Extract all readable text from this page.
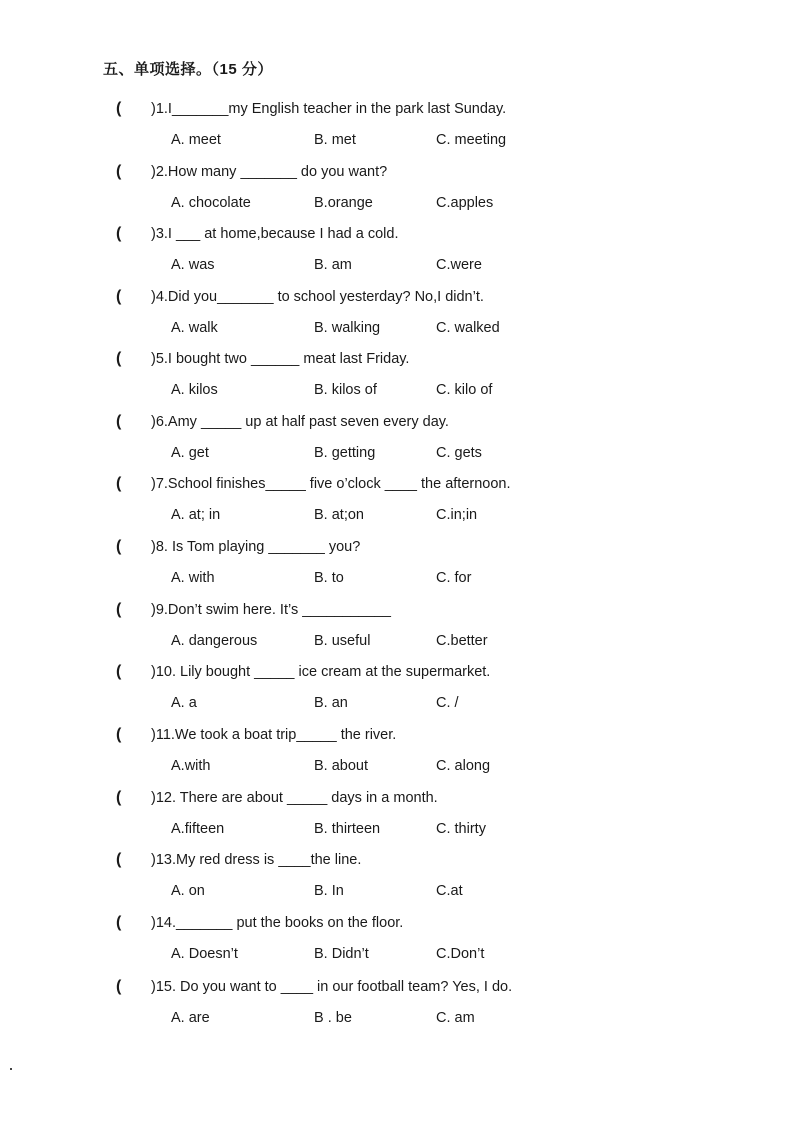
五、单项选择。（15 分）
( )1.I_______my English teacher in the park last Sunday.
A. meet	B. met	C. meeting
( )2.How many _______ do you want?
A. chocolate	B.orange	C.apples
( )3.I ___ at home,because I had a cold.
A. was	B. am	C.were
( )4.Did you_______ to school yesterday? No,I didn’t.
A. walk	B. walking	C. walked
( )5.I bought two ______ meat last Friday.
A. kilos	B. kilos of	C. kilo of
( )6.Amy _____ up at half past seven every day.
A. get	B. getting	C. gets
( )7.School finishes_____ five o’clock ____ the afternoon.
A. at; in	B. at;on	C.in;in
( )8. Is Tom playing _______ you?
A. with	B. to	C. for
( )9.Don’t swim here. It’s ___________
A. dangerous	B. useful	C.better
( )10. Lily bought _____ ice cream at the supermarket.
A. a	B. an	C. /
( )11.We took a boat trip_____ the river.
A.with	B. about	C. along
( )12. There are about _____ days in a month.
A.fifteen	B. thirteen	C. thirty
( )13.My red dress is ____the line.
A. on	B. In	C.at
( )14._______ put the books on the floor.
A. Doesn’t	B. Didn’t	C.Don’t
( )15. Do you want to ____ in our football team? Yes, I do.
A. are	B . be	C. am
